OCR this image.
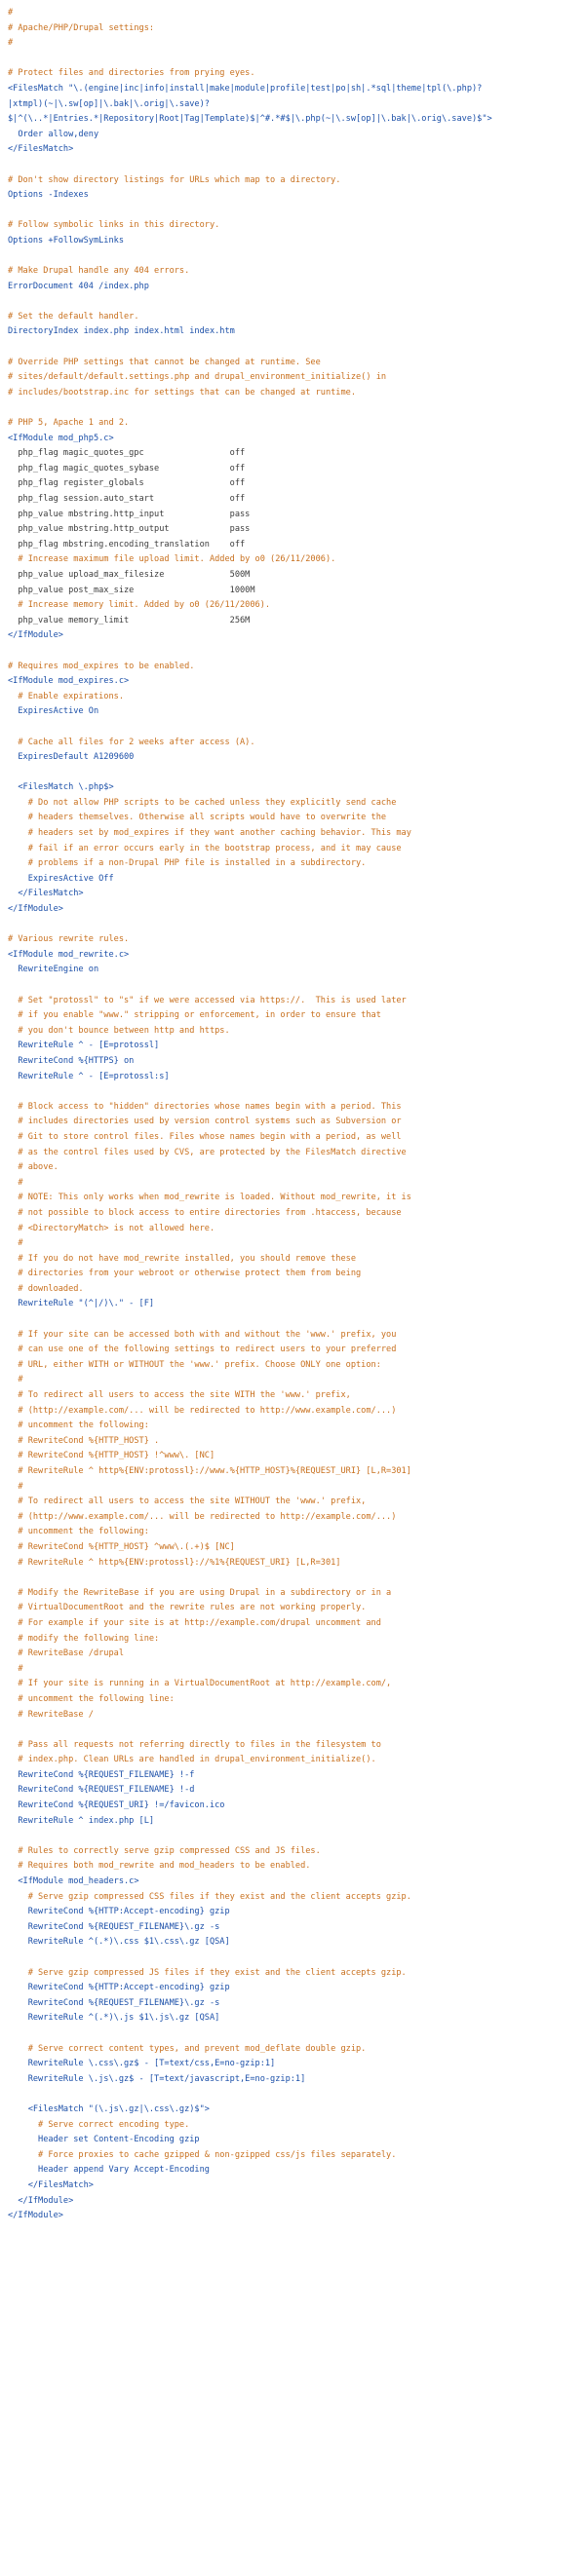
#
# Apache/PHP/Drupal settings:
#

# Protect files and directories from prying eyes.
<FilesMatch "\.(engine|inc|info|install|make|module|profile|test|po|sh|.*sql|theme|tpl(\.php)?
|xtmpl)(~|\.sw[op]|\.bak|\.orig|\.save)?
$|^(\..*|Entries.*|Repository|Root|Tag|Template)$|^#.*#$|\.php(~|\.sw[op]|\.bak|\.orig\.save)$">
Order allow,deny
</FilesMatch>

# Don't show directory listings for URLs which map to a directory.
Options -Indexes

# Follow symbolic links in this directory.
Options +FollowSymLinks

# Make Drupal handle any 404 errors.
ErrorDocument 404 /index.php

# Set the default handler.
DirectoryIndex index.php index.html index.htm

# Override PHP settings that cannot be changed at runtime. See
# sites/default/default.settings.php and drupal_environment_initialize() in
# includes/bootstrap.inc for settings that can be changed at runtime.

# PHP 5, Apache 1 and 2.
<IfModule mod_php5.c>
php_flag magic_quotes_gpc                 off
php_flag magic_quotes_sybase              off
php_flag register_globals                 off
php_flag session.auto_start               off
php_value mbstring.http_input             pass
php_value mbstring.http_output            pass
php_flag mbstring.encoding_translation    off
# Increase maximum file upload limit. Added by o0 (26/11/2006).
php_value upload_max_filesize             500M
php_value post_max_size                   1000M
# Increase memory limit. Added by o0 (26/11/2006).
php_value memory_limit                    256M
</IfModule>

# Requires mod_expires to be enabled.
<IfModule mod_expires.c>
# Enable expirations.
ExpiresActive On

# Cache all files for 2 weeks after access (A).
ExpiresDefault A1209600

<FilesMatch \.php$>
# Do not allow PHP scripts to be cached unless they explicitly send cache
# headers themselves. Otherwise all scripts would have to overwrite the
# headers set by mod_expires if they want another caching behavior. This may
# fail if an error occurs early in the bootstrap process, and it may cause
# problems if a non-Drupal PHP file is installed in a subdirectory.
ExpiresActive Off
</FilesMatch>
</IfModule>

# Various rewrite rules.
<IfModule mod_rewrite.c>
RewriteEngine on

# Set "protossl" to "s" if we were accessed via https://.  This is used later
# if you enable "www." stripping or enforcement, in order to ensure that
# you don't bounce between http and https.
RewriteRule ^ - [E=protossl]
RewriteCond %{HTTPS} on
RewriteRule ^ - [E=protossl:s]

# Block access to "hidden" directories whose names begin with a period. This
# includes directories used by version control systems such as Subversion or
# Git to store control files. Files whose names begin with a period, as well
# as the control files used by CVS, are protected by the FilesMatch directive
# above.
#
# NOTE: This only works when mod_rewrite is loaded. Without mod_rewrite, it is
# not possible to block access to entire directories from .htaccess, because
# <DirectoryMatch> is not allowed here.
#
# If you do not have mod_rewrite installed, you should remove these
# directories from your webroot or otherwise protect them from being
# downloaded.
RewriteRule "(^|/)\." - [F]

# If your site can be accessed both with and without the 'www.' prefix, you
# can use one of the following settings to redirect users to your preferred
# URL, either WITH or WITHOUT the 'www.' prefix. Choose ONLY one option:
#
# To redirect all users to access the site WITH the 'www.' prefix,
# (http://example.com/... will be redirected to http://www.example.com/...)
# uncomment the following:
# RewriteCond %{HTTP_HOST} .
# RewriteCond %{HTTP_HOST} !^www\. [NC]
# RewriteRule ^ http%{ENV:protossl}://www.%{HTTP_HOST}%{REQUEST_URI} [L,R=301]
#
# To redirect all users to access the site WITHOUT the 'www.' prefix,
# (http://www.example.com/... will be redirected to http://example.com/...)
# uncomment the following:
# RewriteCond %{HTTP_HOST} ^www\.(.+)$ [NC]
# RewriteRule ^ http%{ENV:protossl}://%1%{REQUEST_URI} [L,R=301]

# Modify the RewriteBase if you are using Drupal in a subdirectory or in a
# VirtualDocumentRoot and the rewrite rules are not working properly.
# For example if your site is at http://example.com/drupal uncomment and
# modify the following line:
# RewriteBase /drupal
#
# If your site is running in a VirtualDocumentRoot at http://example.com/,
# uncomment the following line:
# RewriteBase /

# Pass all requests not referring directly to files in the filesystem to
# index.php. Clean URLs are handled in drupal_environment_initialize().
RewriteCond %{REQUEST_FILENAME} !-f
RewriteCond %{REQUEST_FILENAME} !-d
RewriteCond %{REQUEST_URI} !=/favicon.ico
RewriteRule ^ index.php [L]

# Rules to correctly serve gzip compressed CSS and JS files.
# Requires both mod_rewrite and mod_headers to be enabled.
<IfModule mod_headers.c>
# Serve gzip compressed CSS files if they exist and the client accepts gzip.
RewriteCond %{HTTP:Accept-encoding} gzip
RewriteCond %{REQUEST_FILENAME}\.gz -s
RewriteRule ^(.*)\.css $1\.css\.gz [QSA]

# Serve gzip compressed JS files if they exist and the client accepts gzip.
RewriteCond %{HTTP:Accept-encoding} gzip
RewriteCond %{REQUEST_FILENAME}\.gz -s
RewriteRule ^(.*)\.js $1\.js\.gz [QSA]

# Serve correct content types, and prevent mod_deflate double gzip.
RewriteRule \.css\.gz$ - [T=text/css,E=no-gzip:1]
RewriteRule \.js\.gz$ - [T=text/javascript,E=no-gzip:1]

<FilesMatch "(\.js\.gz|\.css\.gz)$">
# Serve correct encoding type.
Header set Content-Encoding gzip
# Force proxies to cache gzipped & non-gzipped css/js files separately.
Header append Vary Accept-Encoding
</FilesMatch>
</IfModule>
</IfModule>
